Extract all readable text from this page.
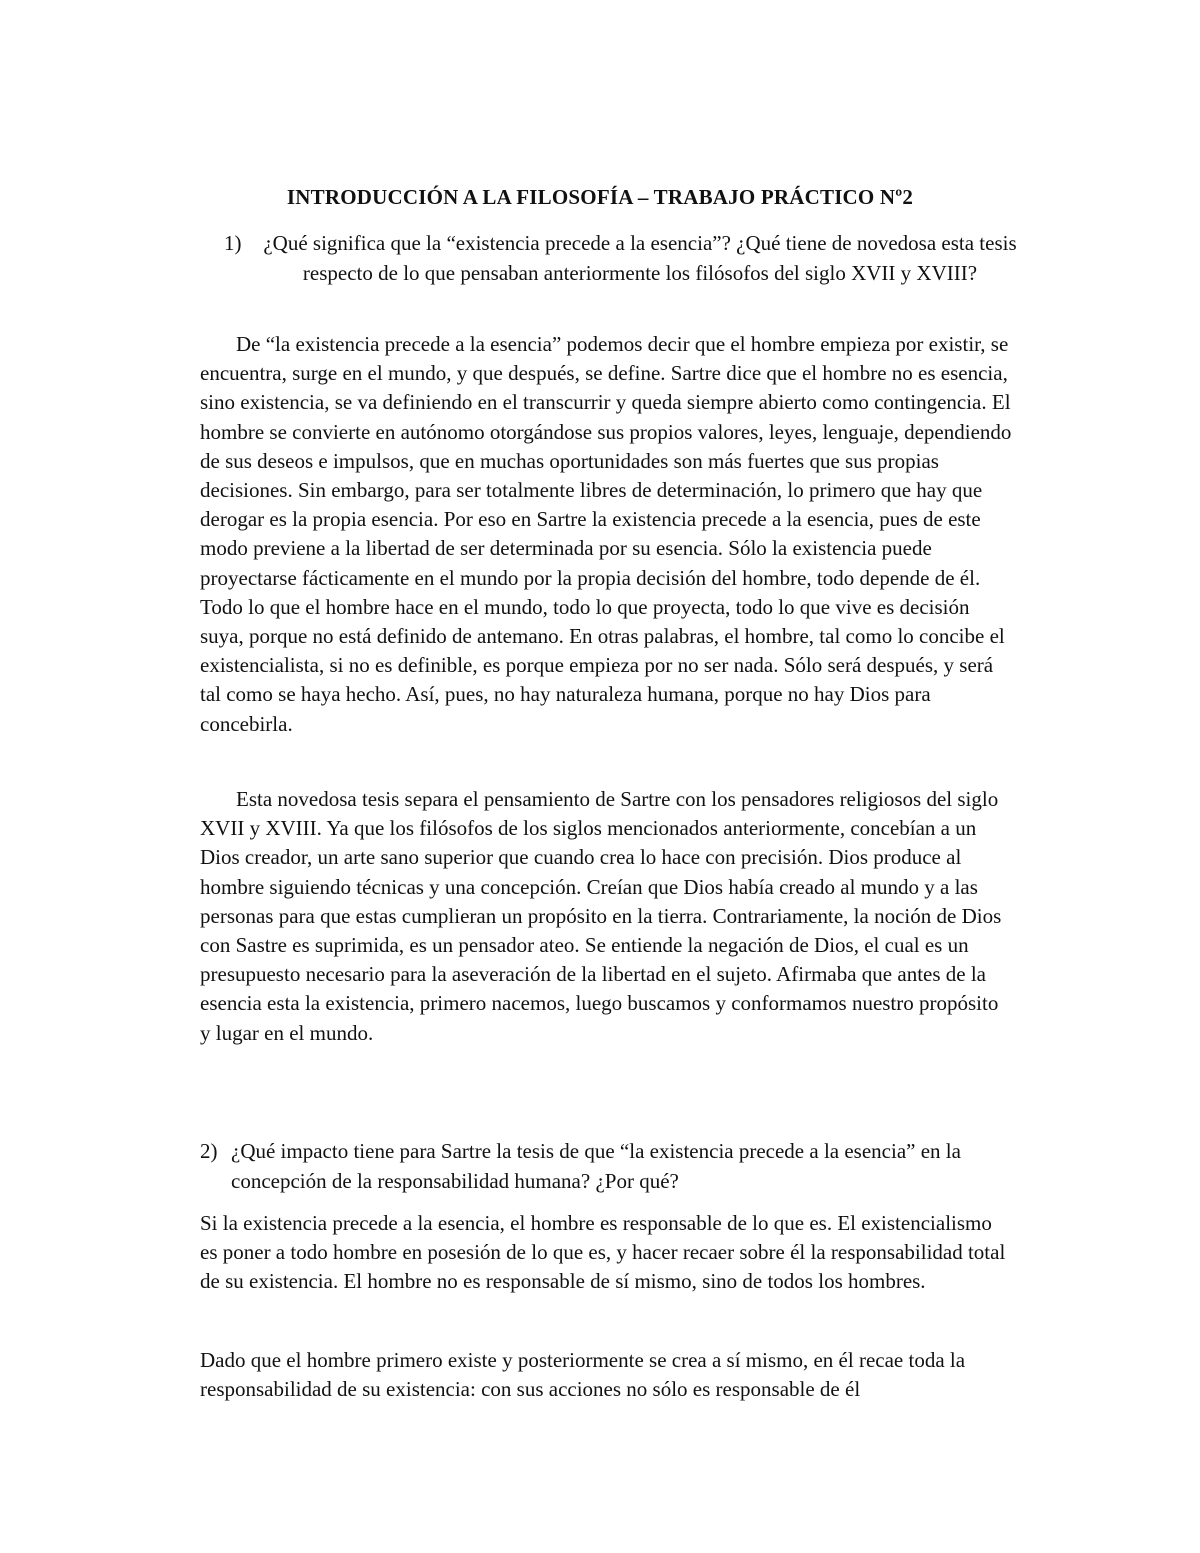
INTRODUCCIÓN A LA FILOSOFÍA – TRABAJO PRÁCTICO Nº2
1)	¿Qué significa que la “existencia precede a la esencia”? ¿Qué tiene de novedosa esta tesis respecto de lo que pensaban anteriormente los filósofos del siglo XVII y XVIII?

De “la existencia precede a la esencia” podemos decir que el hombre empieza por existir, se encuentra, surge en el mundo, y que después, se define. Sartre dice que el hombre no es esencia, sino existencia, se va definiendo en el transcurrir y queda siempre abierto como contingencia. El hombre se convierte en autónomo otorgándose sus propios valores, leyes, lenguaje, dependiendo de sus deseos e impulsos, que en muchas oportunidades son más fuertes que sus propias decisiones. Sin embargo, para ser totalmente libres de determinación, lo primero que hay que derogar es la propia esencia. Por eso en Sartre la existencia precede a la esencia, pues de este modo previene a la libertad de ser determinada por su esencia. Sólo la existencia puede proyectarse fácticamente en el mundo por la propia decisión del hombre, todo depende de él. Todo lo que el hombre hace en el mundo, todo lo que proyecta, todo lo que vive es decisión suya, porque no está definido de antemano. En otras palabras, el hombre, tal como lo concibe el existencialista, si no es definible, es porque empieza por no ser nada. Sólo será después, y será tal como se haya hecho. Así, pues, no hay naturaleza humana, porque no hay Dios para concebirla.

Esta novedosa tesis separa el pensamiento de Sartre con los pensadores religiosos del siglo XVII y XVIII. Ya que los filósofos de los siglos mencionados anteriormente, concebían a un Dios creador, un arte sano superior que cuando crea lo hace con precisión. Dios produce al hombre siguiendo técnicas y una concepción. Creían que Dios había creado al mundo y a las personas para que estas cumplieran un propósito en la tierra. Contrariamente, la noción de Dios con Sastre es suprimida, es un pensador ateo. Se entiende la negación de Dios, el cual es un presupuesto necesario para la aseveración de la libertad en el sujeto. Afirmaba que antes de la esencia esta la existencia, primero nacemos, luego buscamos y conformamos nuestro propósito y lugar en el mundo.

2) ¿Qué impacto tiene para Sartre la tesis de que “la existencia precede a la esencia” en la concepción de la responsabilidad humana? ¿Por qué?

Si la existencia precede a la esencia, el hombre es responsable de lo que es. El existencialismo es poner a todo hombre en posesión de lo que es, y hacer recaer sobre él la responsabilidad total de su existencia. El hombre no es responsable de sí mismo, sino de todos los hombres.

Dado que el hombre primero existe y posteriormente se crea a sí mismo, en él recae toda la responsabilidad de su existencia: con sus acciones no sólo es responsable de él
